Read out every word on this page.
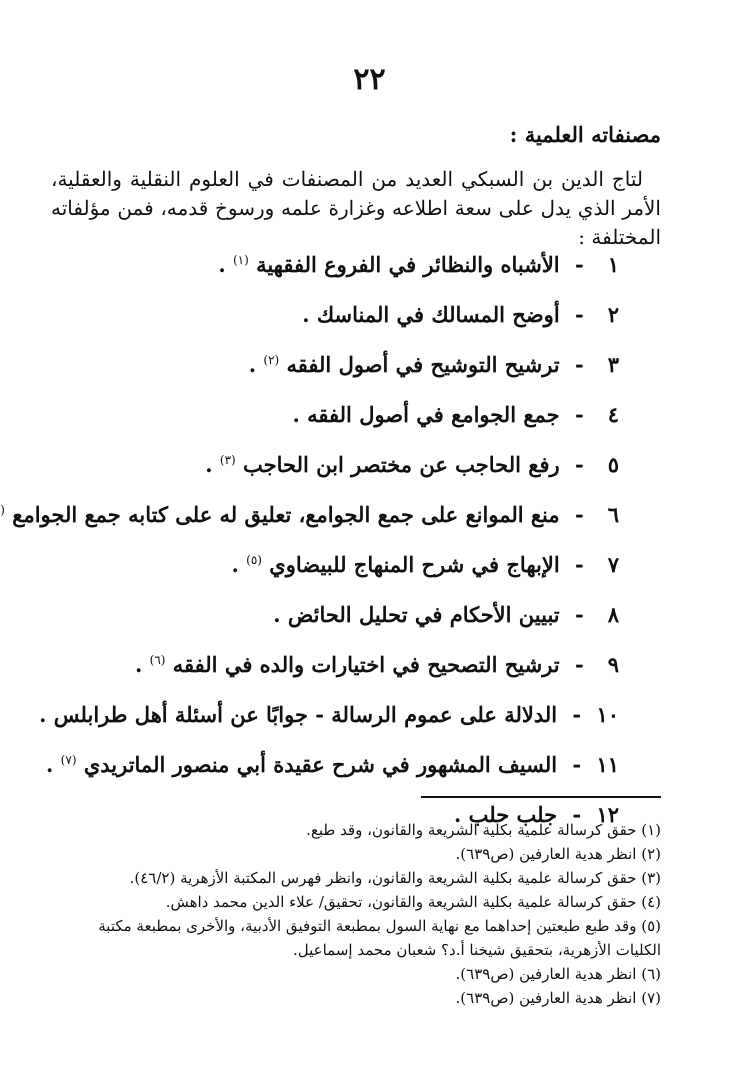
٢٢
مصنفاته العلمية :

لتاج الدين بن السبكي العديد من المصنفات في العلوم النقلية والعقلية، الأمر الذي يدل على سعة اطلاعه وغزارة علمه ورسوخ قدمه، فمن مؤلفاته المختلفة :

١ - الأشباه والنظائر في الفروع الفقهية $^{(١)}$ .
٢ - أوضح المسالك في المناسك .
٣ - ترشيح التوشيح في أصول الفقه $^{(٢)}$ .
٤ - جمع الجوامع في أصول الفقه .
٥ - رفع الحاجب عن مختصر ابن الحاجب $^{(٣)}$ .
٦ - منع الموانع على جمع الجوامع، تعليق له على كتابه جمع الجوامع (
٧ - الإبهاج في شرح المنهاج للبيضاوي $^{(٥)}$ .
٨ - تبيين الأحكام في تحليل الحائض .
٩ - ترشيح التصحيح في اختيارات والده في الفقه $^{(٦)}$ .
١٠ - الدلالة على عموم الرسالة - جوابًا عن أسئلة أهل طرابلس .
١١ - السيف المشهور في شرح عقيدة أبي منصور الماتريدي $^{(٧)}$ .
١٢ - جلب حلب .
(١) حقق كرسالة علمية بكلية الشريعة والقانون، وقد طبع.
(٢) انظر هدية العارفين (ص٦٣٩).
(٣) حقق كرسالة علمية بكلية الشريعة والقانون، وانظر فهرس المكتبة الأزهرية (٤٦/٢).
(٤) حقق كرسالة علمية بكلية الشريعة والقانون، تحقيق/ علاء الدين محمد داهش.
(٥) وقد طبع طبعتين إحداهما مع نهاية السول بمطبعة التوفيق الأدبية، والأخرى بمطبعة مكتبة الكليات الأزهرية، بتحقيق شيخنا أ.د؟ شعبان محمد إسماعيل.
(٦) انظر هدية العارفين (ص٦٣٩).
(٧) انظر هدية العارفين (ص٦٣٩).
